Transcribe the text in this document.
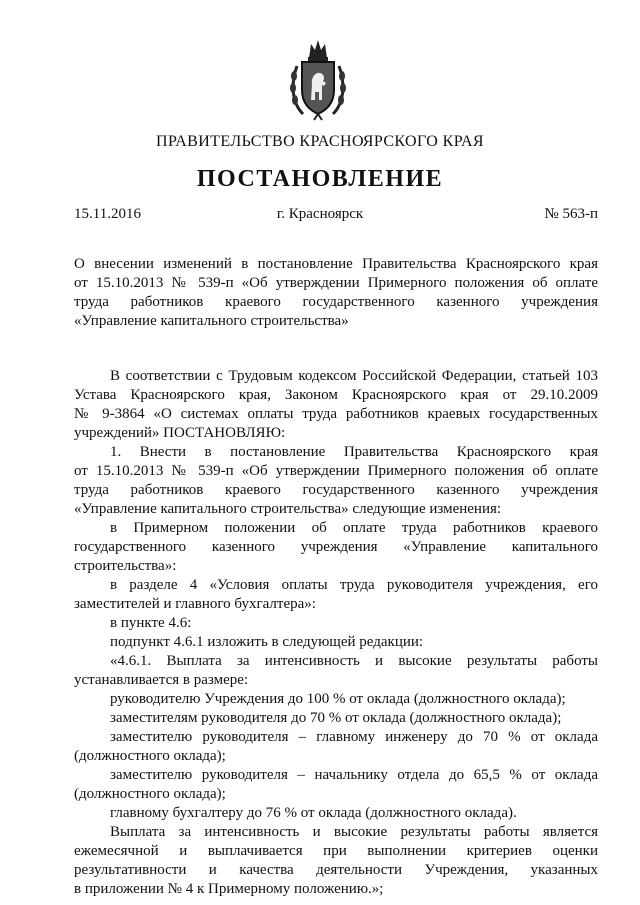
ПРАВИТЕЛЬСТВО КРАСНОЯРСКОГО КРАЯ
ПОСТАНОВЛЕНИЕ
15.11.2016	г. Красноярск	№ 563-п
О внесении изменений в постановление Правительства Красноярского края
от 15.10.2013 № 539-п «Об утверждении Примерного положения об оплате
труда работников краевого государственного казенного учреждения
«Управление капитального строительства»
В соответствии с Трудовым кодексом Российской Федерации, статьей 103
Устава Красноярского края, Законом Красноярского края от 29.10.2009
№ 9-3864 «О системах оплаты труда работников краевых государственных
учреждений» ПОСТАНОВЛЯЮ:
1. Внести в постановление Правительства Красноярского края
от 15.10.2013 № 539-п «Об утверждении Примерного положения об оплате
труда работников краевого государственного казенного учреждения
«Управление капитального строительства» следующие изменения:
в Примерном положении об оплате труда работников краевого
государственного казенного учреждения «Управление капитального
строительства»:
в разделе 4 «Условия оплаты труда руководителя учреждения, его
заместителей и главного бухгалтера»:
в пункте 4.6:
подпункт 4.6.1 изложить в следующей редакции:
«4.6.1. Выплата за интенсивность и высокие результаты работы
устанавливается в размере:
руководителю Учреждения до 100 % от оклада (должностного оклада);
заместителям руководителя до 70 % от оклада (должностного оклада);
заместителю руководителя – главному инженеру до 70 % от оклада
(должностного оклада);
заместителю руководителя – начальнику отдела до 65,5 % от оклада
(должностного оклада);
главному бухгалтеру до 76 % от оклада (должностного оклада).
Выплата за интенсивность и высокие результаты работы является
ежемесячной и выплачивается при выполнении критериев оценки
результативности и качества деятельности Учреждения, указанных
в приложении № 4 к Примерному положению.»;
